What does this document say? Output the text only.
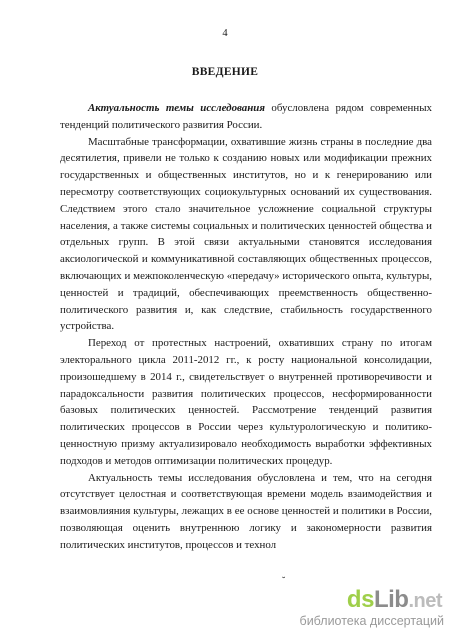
4
ВВЕДЕНИЕ

Актуальность темы исследования обусловлена рядом современных тенденций политического развития России.

Масштабные трансформации, охватившие жизнь страны в последние два десятилетия, привели не только к созданию новых или модификации прежних государственных и общественных институтов, но и к генерированию или пересмотру соответствующих социокультурных оснований их существования. Следствием этого стало значительное усложнение социальной структуры населения, а также системы социальных и политических ценностей общества и отдельных групп. В этой связи актуальными становятся исследования аксиологической и коммуникативной составляющих общественных процессов, включающих и межпоколенческую «передачу» исторического опыта, культуры, ценностей и традиций, обеспечивающих преемственность общественно-политического развития и, как следствие, стабильность государственного устройства.

Переход от протестных настроений, охвативших страну по итогам электорального цикла 2011-2012 гг., к росту национальной консолидации, произошедшему в 2014 г., свидетельствует о внутренней противоречивости и парадоксальности развития политических процессов, несформированности базовых политических ценностей. Рассмотрение тенденций развития политических процессов в России через культурологическую и политико-ценностную призму актуализировало необходимость выработки эффективных подходов и методов оптимизации политических процедур.

Актуальность темы исследования обусловлена и тем, что на сегодня отсутствует целостная и соответствующая времени модель взаимодействия и взаимовлияния культуры, лежащих в ее основе ценностей и политики в России, позволяющая оценить внутреннюю логику и закономерности развития политических институтов, процессов и технол

˘
dsLib.net
библиотека диссертаций
